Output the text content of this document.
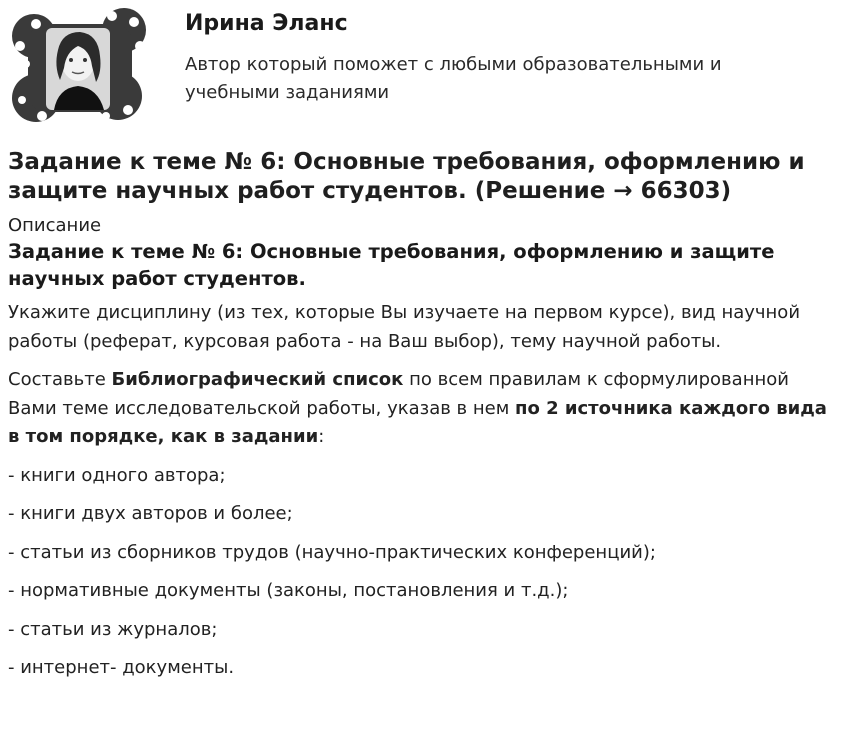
Ирина Эланс
Автор который поможет с любыми образовательными и учебными заданиями
Задание к теме № 6: Основные требования, оформлению и защите научных работ студентов. (Решение → 66303)
Описание
Задание к теме № 6: Основные требования, оформлению и защите научных работ студентов.

Укажите дисциплину (из тех, которые Вы изучаете на первом курсе), вид научной работы (реферат, курсовая работа - на Ваш выбор), тему научной работы.

Составьте Библиографический список по всем правилам к сформулированной Вами теме исследовательской работы, указав в нем по 2 источника каждого вида в том порядке, как в задании:

- книги одного автора;
- книги двух авторов и более;
- статьи из сборников трудов (научно-практических конференций);
- нормативные документы (законы, постановления и т.д.);
- статьи из журналов;
- интернет- документы.
